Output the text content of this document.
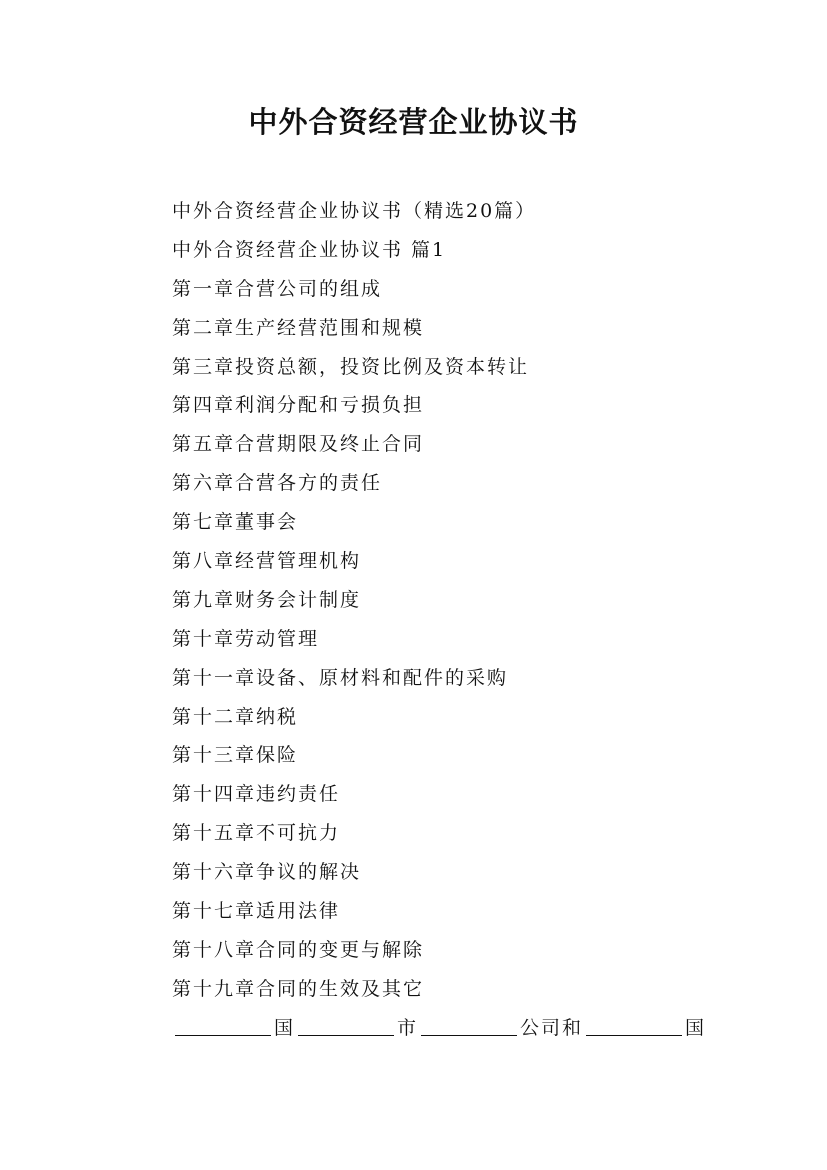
中外合资经营企业协议书
中外合资经营企业协议书（精选20篇）
中外合资经营企业协议书 篇1
第一章合营公司的组成
第二章生产经营范围和规模
第三章投资总额，投资比例及资本转让
第四章利润分配和亏损负担
第五章合营期限及终止合同
第六章合营各方的责任
第七章董事会
第八章经营管理机构
第九章财务会计制度
第十章劳动管理
第十一章设备、原材料和配件的采购
第十二章纳税
第十三章保险
第十四章违约责任
第十五章不可抗力
第十六章争议的解决
第十七章适用法律
第十八章合同的变更与解除
第十九章合同的生效及其它
国	市	公司和	国
